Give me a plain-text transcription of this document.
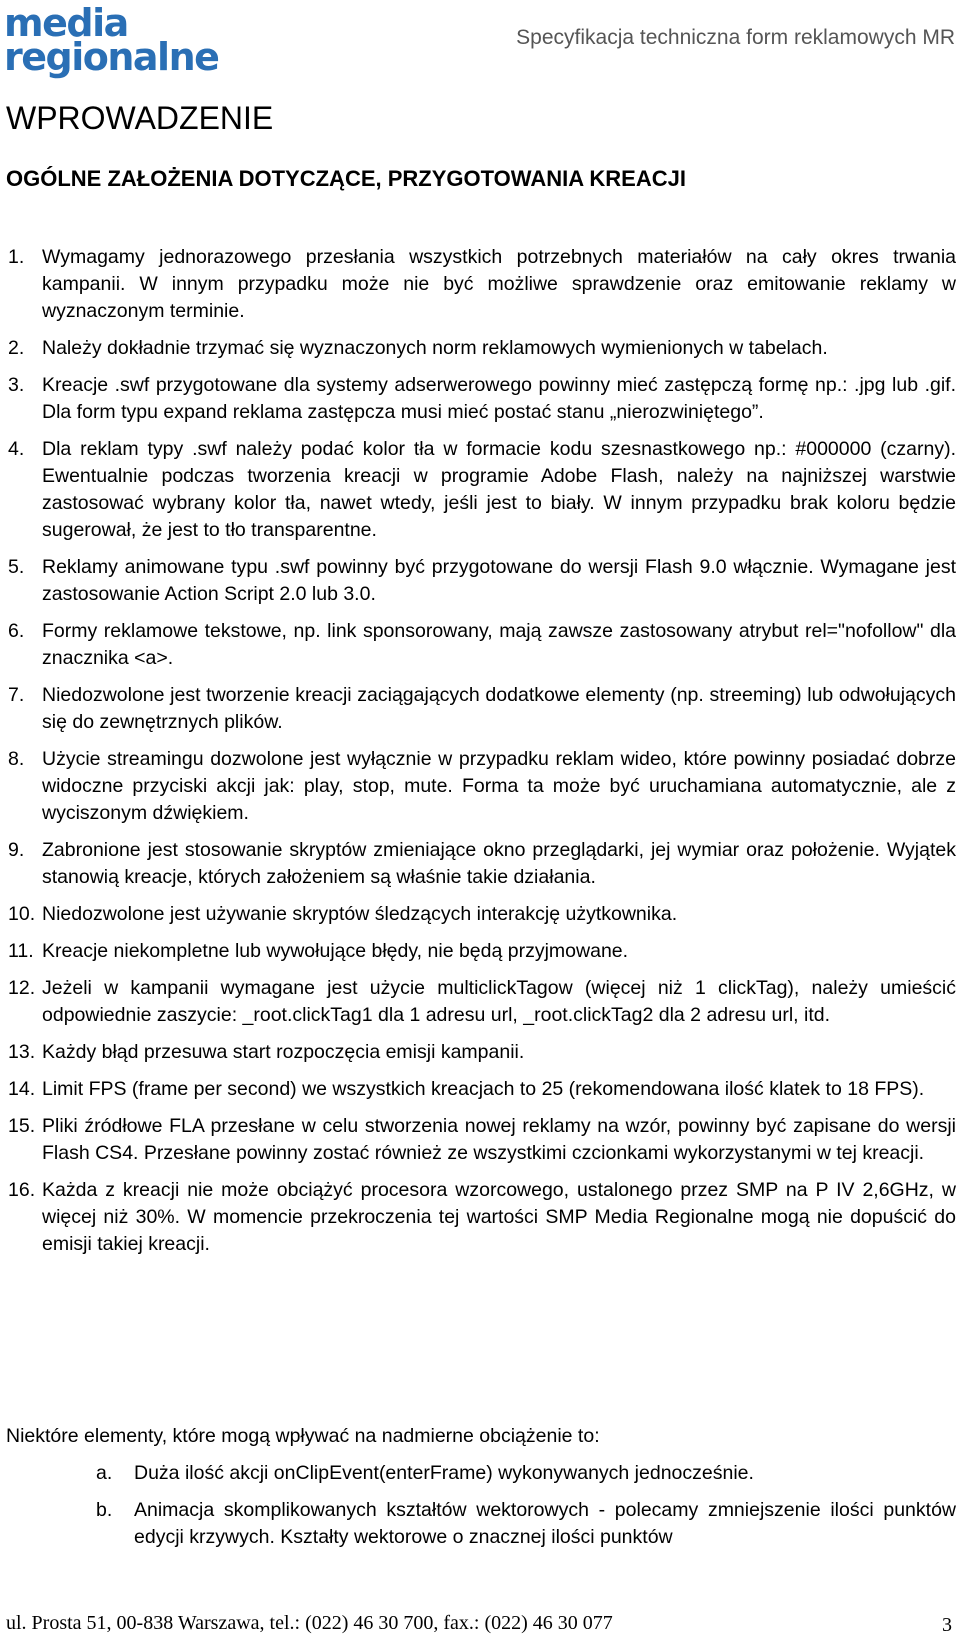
media
regionalne	Specyfikacja techniczna form reklamowych MR
WPROWADZENIE
OGÓLNE ZAŁOŻENIA DOTYCZĄCE, PRZYGOTOWANIA KREACJI
1. Wymagamy jednorazowego przesłania wszystkich potrzebnych materiałów na cały okres trwania kampanii. W innym przypadku może nie być możliwe sprawdzenie oraz emitowanie reklamy w wyznaczonym terminie.
2. Należy dokładnie trzymać się wyznaczonych norm reklamowych wymienionych w tabelach.
3. Kreacje .swf przygotowane dla systemy adserwerowego powinny mieć zastępczą formę np.: .jpg lub .gif. Dla form typu expand reklama zastępcza musi mieć postać stanu „nierozwiniętego”.
4. Dla reklam typy .swf należy podać kolor tła w formacie kodu szesnastkowego np.: #000000 (czarny). Ewentualnie podczas tworzenia kreacji w programie Adobe Flash, należy na najniższej warstwie zastosować wybrany kolor tła, nawet wtedy, jeśli jest to biały. W innym przypadku brak koloru będzie sugerował, że jest to tło transparentne.
5. Reklamy animowane typu .swf powinny być przygotowane do wersji Flash 9.0 włącznie. Wymagane jest zastosowanie Action Script 2.0 lub 3.0.
6. Formy reklamowe tekstowe, np. link sponsorowany, mają zawsze zastosowany atrybut rel="nofollow" dla znacznika <a>.
7. Niedozwolone jest tworzenie kreacji zaciągających dodatkowe elementy (np. streeming) lub odwołujących się do zewnętrznych plików.
8. Użycie streamingu dozwolone jest wyłącznie w przypadku reklam wideo, które powinny posiadać dobrze widoczne przyciski akcji jak: play, stop, mute. Forma ta może być uruchamiana automatycznie, ale z wyciszonym dźwiękiem.
9. Zabronione jest stosowanie skryptów zmieniające okno przeglądarki, jej wymiar oraz położenie. Wyjątek stanowią kreacje, których założeniem są właśnie takie działania.
10. Niedozwolone jest używanie skryptów śledzących interakcję użytkownika.
11. Kreacje niekompletne lub wywołujące błędy, nie będą przyjmowane.
12. Jeżeli w kampanii wymagane jest użycie multiclickTagow (więcej niż 1 clickTag), należy umieścić odpowiednie zaszycie: _root.clickTag1 dla 1 adresu url, _root.clickTag2 dla 2 adresu url, itd.
13. Każdy błąd przesuwa start rozpoczęcia emisji kampanii.
14. Limit FPS (frame per second) we wszystkich kreacjach to 25 (rekomendowana ilość klatek to 18 FPS).
15. Pliki źródłowe FLA przesłane w celu stworzenia nowej reklamy na wzór, powinny być zapisane do wersji Flash CS4. Przesłane powinny zostać również ze wszystkimi czcionkami wykorzystanymi w tej kreacji.
16. Każda z kreacji nie może obciążyć procesora wzorcowego, ustalonego przez SMP na P IV 2,6GHz, w więcej niż 30%. W momencie przekroczenia tej wartości SMP Media Regionalne mogą nie dopuścić do emisji takiej kreacji.
Niektóre elementy, które mogą wpływać na nadmierne obciążenie to:
a. Duża ilość akcji onClipEvent(enterFrame) wykonywanych jednocześnie.
b. Animacja skomplikowanych kształtów wektorowych - polecamy zmniejszenie ilości punktów edycji krzywych. Kształty wektorowe o znacznej ilości punktów
ul. Prosta 51, 00-838 Warszawa, tel.: (022) 46 30 700, fax.: (022) 46 30 077	3
